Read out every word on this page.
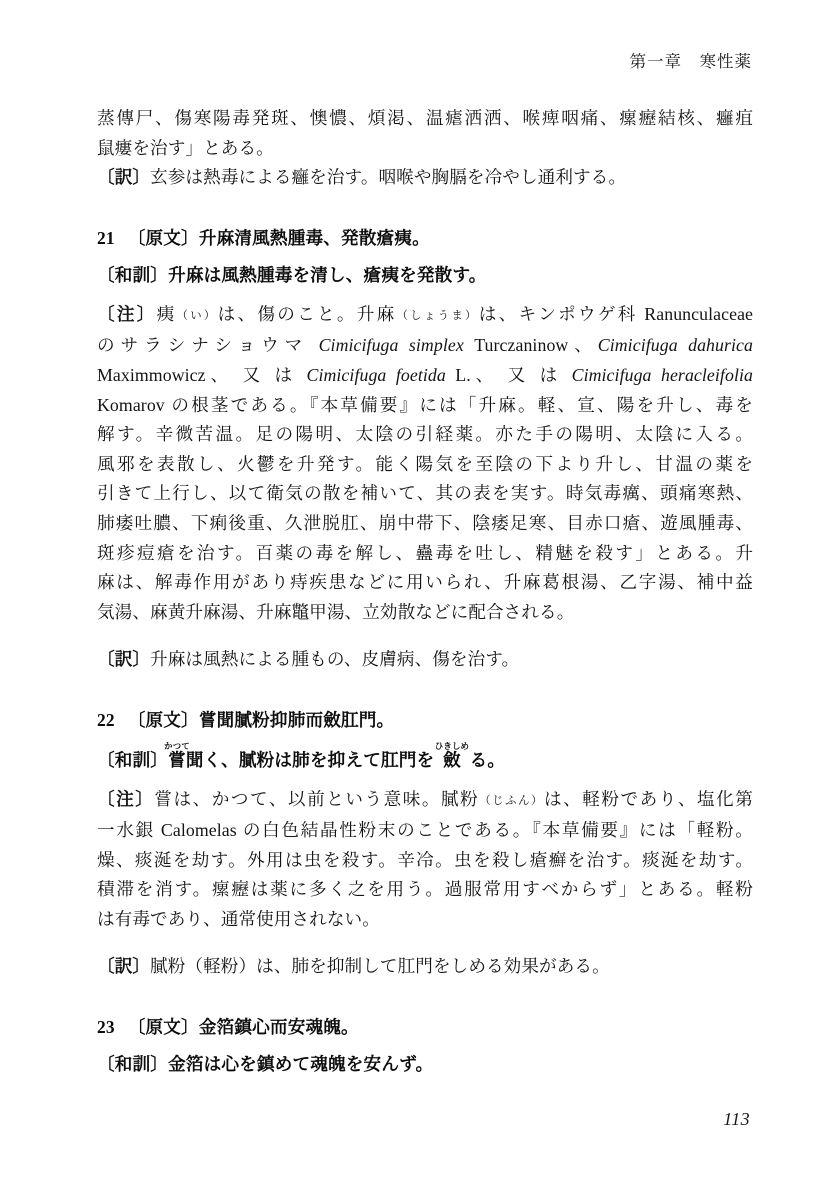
第一章　寒性薬

蒸傳尸、傷寒陽毒発斑、懊憹、煩渇、温瘧洒洒、喉痺咽痛、瘰癧結核、癰疽

鼠瘻を治す」とある。

〔訳〕玄参は熱毒による癰を治す。咽喉や胸膈を冷やし通利する。

21 〔原文〕升麻清風熱腫毒、発散瘡痍。
〔和訓〕升麻は風熱腫毒を清し、瘡痍を発散す。

〔注〕痍（い）は、傷のこと。升麻（しょうま）は、キンポウゲ科 Ranunculaceae

のサラシナショウマ Cimicifuga simplex Turczaninow、Cimicifuga dahurica

Maximmowicz、 又 は Cimicifuga foetida L.、 又 は Cimicifuga heracleifolia

Komarov の根茎である。『本草備要』には「升麻。軽、宣、陽を升し、毒を

解す。辛微苦温。足の陽明、太陰の引経薬。亦た手の陽明、太陰に入る。

風邪を表散し、火鬱を升発す。能く陽気を至陰の下より升し、甘温の薬を

引きて上行し、以て衛気の散を補いて、其の表を実す。時気毒癘、頭痛寒熱、

肺痿吐膿、下痢後重、久泄脱肛、崩中帯下、陰痿足寒、目赤口瘡、遊風腫毒、

斑疹痘瘡を治す。百薬の毒を解し、蠱毒を吐し、精魅を殺す」とある。升

麻は、解毒作用があり痔疾患などに用いられ、升麻葛根湯、乙字湯、補中益

気湯、麻黄升麻湯、升麻鼈甲湯、立効散などに配合される。

〔訳〕升麻は風熱による腫もの、皮膚病、傷を治す。

22 〔原文〕嘗聞膩粉抑肺而斂肛門。
〔和訓〕嘗かつて聞く、膩粉は肺を抑えて肛門を 斂ひきしめ る。

〔注〕嘗は、かつて、以前という意味。膩粉（じふん）は、軽粉であり、塩化第

一水銀 Calomelas の白色結晶性粉末のことである。『本草備要』には「軽粉。

燥、痰涎を劫す。外用は虫を殺す。辛冷。虫を殺し瘡癬を治す。痰涎を劫す。

積滞を消す。瘰癧は薬に多く之を用う。過服常用すべからず」とある。軽粉

は有毒であり、通常使用されない。

〔訳〕膩粉（軽粉）は、肺を抑制して肛門をしめる効果がある。

23 〔原文〕金箔鎮心而安魂魄。
〔和訓〕金箔は心を鎮めて魂魄を安んず。
113
